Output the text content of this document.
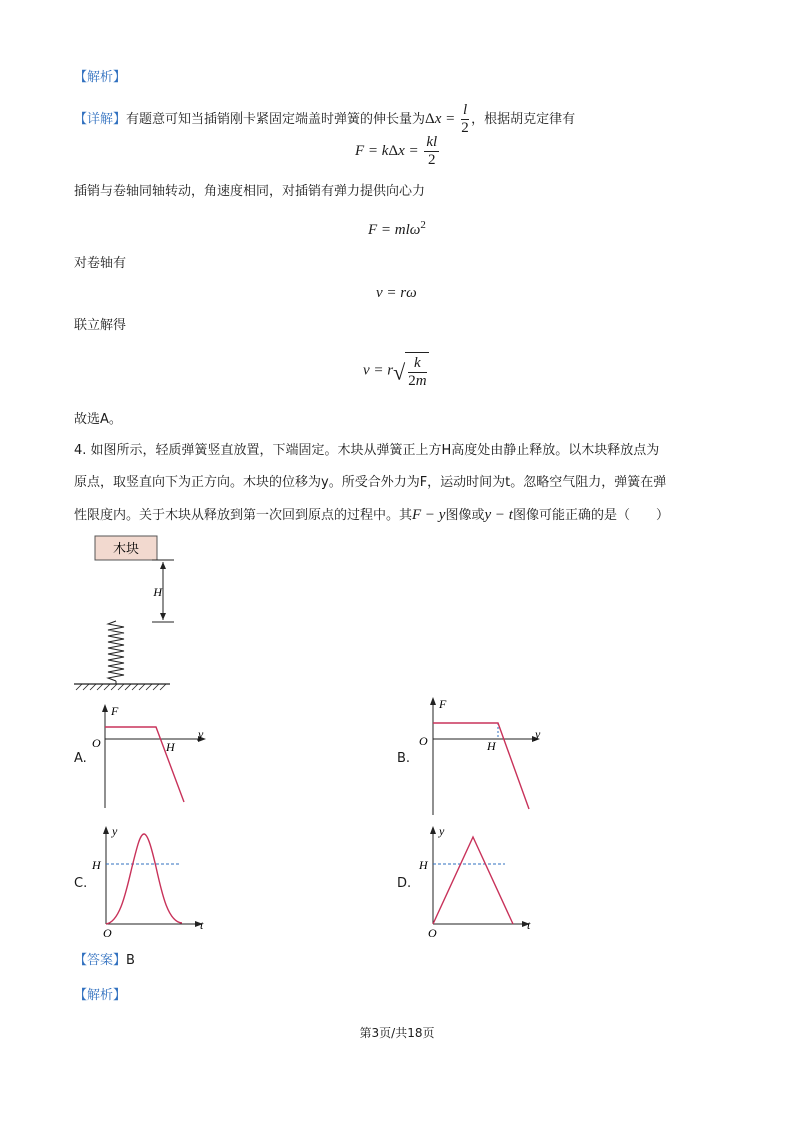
【解析】
【详解】有题意可知当插销刚卡紧固定端盖时弹簧的伸长量为$\Delta x = \frac{l}{2}$ ，根据胡克定律有
$F = k\Delta x = \frac{kl}{2}$
插销与卷轴同轴转动，角速度相同，对插销有弹力提供向心力
F = mlω$^2$
对卷轴有
v = rω
联立解得
$v = r√ \frac{k}{2m}$
故选A。
4. 如图所示，轻质弹簧竖直放置，下端固定。木块从弹簧正上方H高度处由静止释放。以木块释放点为
原点，取竖直向下为正方向。木块的位移为y。所受合外力为F，运动时间为t。忽略空气阻力，弹簧在弹
性限度内。关于木块从释放到第一次回到原点的过程中。其F − y图像或y − t图像可能正确的是（　　）
木块
H
A.
F
y
O	H
B.
F
y
O	H
C.
y
t
O
H
D.
y
t
O
H
【答案】B
【解析】
第3页/共18页
